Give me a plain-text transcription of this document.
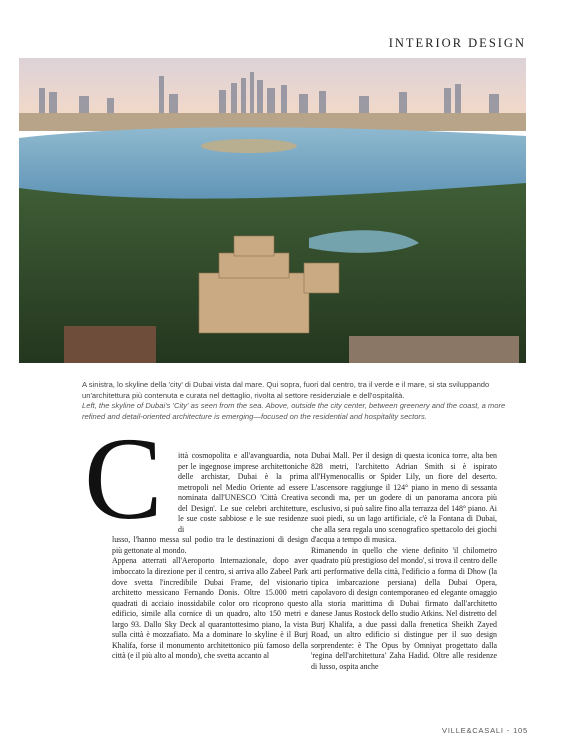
INTERIOR DESIGN

A sinistra, lo skyline della 'city' di Dubai vista dal mare. Qui sopra, fuori dal centro, tra il verde e il mare, si sta sviluppando un'architettura più contenuta e curata nel dettaglio, rivolta al settore residenziale e dell'ospitalità.

Left, the skyline of Dubai's 'City' as seen from the sea. Above, outside the city center, between greenery and the coast, a more refined and detail-oriented architecture is emerging—focused on the residential and hospitality sectors.

C	ittà cosmopolita e all'avanguardia, nota per le ingegnose imprese architettoniche delle archistar, Dubai è la prima metropoli nel Medio Oriente ad essere nominata dall'UNESCO 'Città Creativa del Design'. Le sue celebri architetture, le sue coste sabbiose e le sue residenze di

lusso, l'hanno messa sul podio tra le destinazioni di design più gettonate al mondo.

Appena atterrati all'Aeroporto Internazionale, dopo aver imboccato la direzione per il centro, si arriva allo Zabeel Park dove svetta l'incredibile Dubai Frame, del visionario architetto messicano Fernando Donis. Oltre 15.000 metri quadrati di acciaio inossidabile color oro ricoprono questo edificio, simile alla cornice di un quadro, alto 150 metri e largo 93. Dallo Sky Deck al quarantottesimo piano, la vista sulla città è mozzafiato. Ma a dominare lo skyline è il Burj Khalifa, forse il monumento architettonico più famoso della città (e il più alto al mondo), che svetta accanto al

Dubai Mall. Per il design di questa iconica torre, alta ben 828 metri, l'architetto Adrian Smith si è ispirato all'Hymenocallis or Spider Lily, un fiore del deserto. L'ascensore raggiunge il 124° piano in meno di sessanta secondi ma, per un godere di un panorama ancora più esclusivo, si può salire fino alla terrazza del 148° piano. Ai suoi piedi, su un lago artificiale, c'è la Fontana di Dubai, che alla sera regala uno scenografico spettacolo dei giochi d'acqua a tempo di musica.

Rimanendo in quello che viene definito 'il chilometro quadrato più prestigioso del mondo', si trova il centro delle arti performative della città, l'edificio a forma di Dhow (la tipica imbarcazione persiana) della Dubai Opera, capolavoro di design contemporaneo ed elegante omaggio alla storia marittima di Dubai firmato dall'architetto danese Janus Rostock dello studio Atkins. Nel distretto del Burj Khalifa, a due passi dalla frenetica Sheikh Zayed Road, un altro edificio si distingue per il suo design sorprendente: è The Opus by Omniyat progettato dalla 'regina dell'architettura' Zaha Hadid. Oltre alle residenze di lusso, ospita anche

VILLE&CASALI - 105
